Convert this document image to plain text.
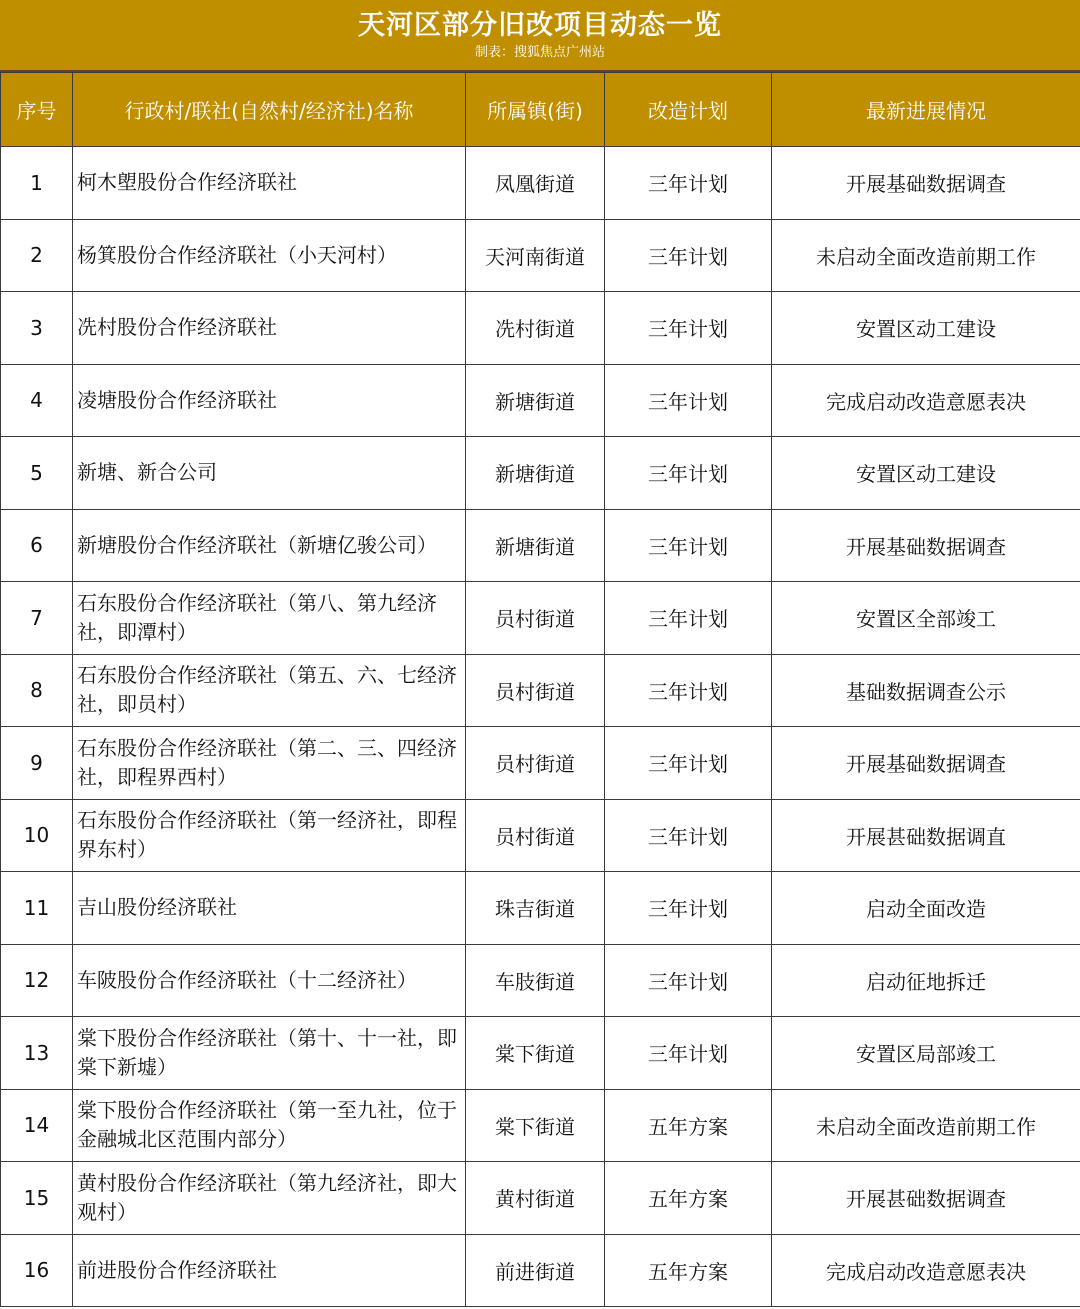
天河区部分旧改项目动态一览
制表：搜狐焦点广州站
序号	行政村/联社(自然村/经济社)名称	所属镇(街)	改造计划	最新进展情况
1	柯木塱股份合作经济联社	凤凰街道	三年计划	开展基础数据调查
2	杨箕股份合作经济联社（小天河村）	天河南街道	三年计划	未启动全面改造前期工作
3	冼村股份合作经济联社	冼村街道	三年计划	安置区动工建设
4	凌塘股份合作经济联社	新塘街道	三年计划	完成启动改造意愿表决
5	新塘、新合公司	新塘街道	三年计划	安置区动工建设
6	新塘股份合作经济联社（新塘亿骏公司）	新塘街道	三年计划	开展基础数据调查
7	石东股份合作经济联社（第八、第九经济社，即潭村）	员村街道	三年计划	安置区全部竣工
8	石东股份合作经济联社（第五、六、七经济社，即员村）	员村街道	三年计划	基础数据调查公示
9	石东股份合作经济联社（第二、三、四经济社，即程界西村）	员村街道	三年计划	开展基础数据调查
10	石东股份合作经济联社（第一经济社，即程界东村）	员村街道	三年计划	开展甚础数据调直
11	吉山股份经济联社	珠吉街道	三年计划	启动全面改造
12	车陂股份合作经济联社（十二经济社）	车肢街道	三年计划	启动征地拆迁
13	棠下股份合作经济联社（第十、十一社，即棠下新墟）	棠下街道	三年计划	安置区局部竣工
14	棠下股份合作经济联社（第一至九社，位于金融城北区范围内部分）	棠下街道	五年方案	未启动全面改造前期工作
15	黄村股份合作经济联社（第九经济社，即大观村）	黄村街道	五年方案	开展甚础数据调查
16	前进股份合作经济联社	前进街道	五年方案	完成启动改造意愿表决
